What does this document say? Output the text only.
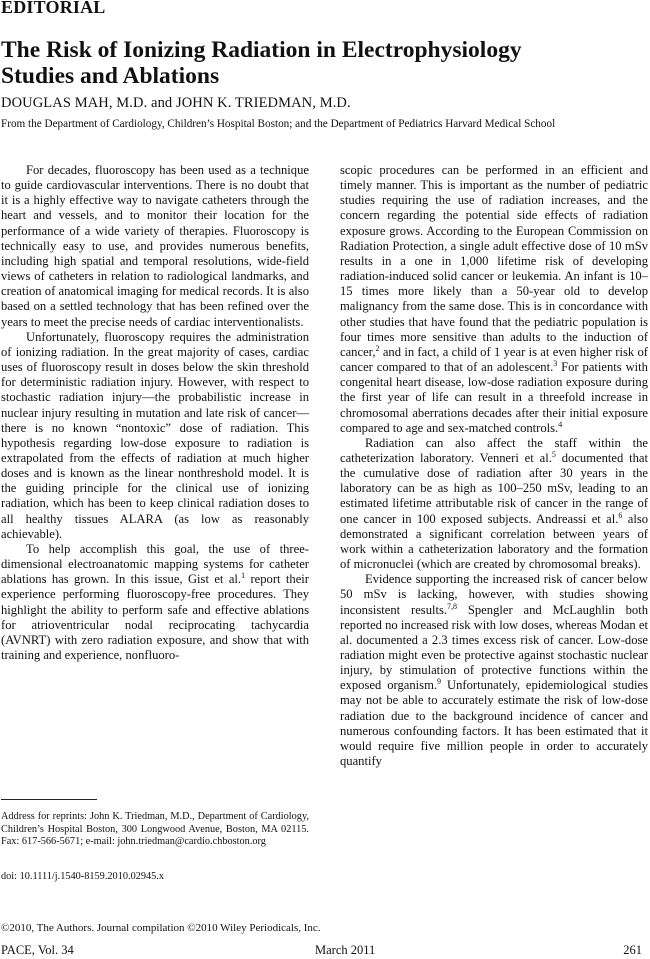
EDITORIAL
The Risk of Ionizing Radiation in Electrophysiology
Studies and Ablations
DOUGLAS MAH, M.D. and JOHN K. TRIEDMAN, M.D.
From the Department of Cardiology, Children’s Hospital Boston; and the Department of Pediatrics Harvard Medical School

For decades, fluoroscopy has been used as a technique to guide cardiovascular interventions. There is no doubt that it is a highly effective way to navigate catheters through the heart and vessels, and to monitor their location for the performance of a wide variety of therapies. Fluoroscopy is technically easy to use, and provides numerous benefits, including high spatial and temporal resolutions, wide-field views of catheters in relation to radiological landmarks, and creation of anatomical imaging for medical records. It is also based on a settled technology that has been refined over the years to meet the precise needs of cardiac interventionalists.

Unfortunately, fluoroscopy requires the administration of ionizing radiation. In the great majority of cases, cardiac uses of fluoroscopy result in doses below the skin threshold for deterministic radiation injury. However, with respect to stochastic radiation injury—the probabilistic increase in nuclear injury resulting in mutation and late risk of cancer—there is no known “nontoxic” dose of radiation. This hypothesis regarding low-dose exposure to radiation is extrapolated from the effects of radiation at much higher doses and is known as the linear nonthreshold model. It is the guiding principle for the clinical use of ionizing radiation, which has been to keep clinical radiation doses to all healthy tissues ALARA (as low as reasonably achievable).

To help accomplish this goal, the use of three-dimensional electroanatomic mapping systems for catheter ablations has grown. In this issue, Gist et al.$^1$ report their experience performing fluoroscopy-free procedures. They highlight the ability to perform safe and effective ablations for atrioventricular nodal reciprocating tachycardia (AVNRT) with zero radiation exposure, and show that with training and experience, nonfluoro-

scopic procedures can be performed in an efficient and timely manner. This is important as the number of pediatric studies requiring the use of radiation increases, and the concern regarding the potential side effects of radiation exposure grows. According to the European Commission on Radiation Protection, a single adult effective dose of 10 mSv results in a one in 1,000 lifetime risk of developing radiation-induced solid cancer or leukemia. An infant is 10–15 times more likely than a 50-year old to develop malignancy from the same dose. This is in concordance with other studies that have found that the pediatric population is four times more sensitive than adults to the induction of cancer,$^2$ and in fact, a child of 1 year is at even higher risk of cancer compared to that of an adolescent.$^3$ For patients with congenital heart disease, low-dose radiation exposure during the first year of life can result in a threefold increase in chromosomal aberrations decades after their initial exposure compared to age and sex-matched controls.$^4$

Radiation can also affect the staff within the catheterization laboratory. Venneri et al.$^5$ documented that the cumulative dose of radiation after 30 years in the laboratory can be as high as 100–250 mSv, leading to an estimated lifetime attributable risk of cancer in the range of one cancer in 100 exposed subjects. Andreassi et al.$^6$ also demonstrated a significant correlation between years of work within a catheterization laboratory and the formation of micronuclei (which are created by chromosomal breaks).

Evidence supporting the increased risk of cancer below 50 mSv is lacking, however, with studies showing inconsistent results.$^{7,8}$ Spengler and McLaughlin both reported no increased risk with low doses, whereas Modan et al. documented a 2.3 times excess risk of cancer. Low-dose radiation might even be protective against stochastic nuclear injury, by stimulation of protective functions within the exposed organism.$^9$ Unfortunately, epidemiological studies may not be able to accurately estimate the risk of low-dose radiation due to the background incidence of cancer and numerous confounding factors. It has been estimated that it would require five million people in order to accurately quantify

Address for reprints: John K. Triedman, M.D., Department of Cardiology, Children’s Hospital Boston, 300 Longwood Avenue, Boston, MA 02115. Fax: 617-566-5671; e-mail: john.triedman@cardio.chboston.org
doi: 10.1111/j.1540-8159.2010.02945.x
©2010, The Authors. Journal compilation ©2010 Wiley Periodicals, Inc.
PACE, Vol. 34	March 2011	261
